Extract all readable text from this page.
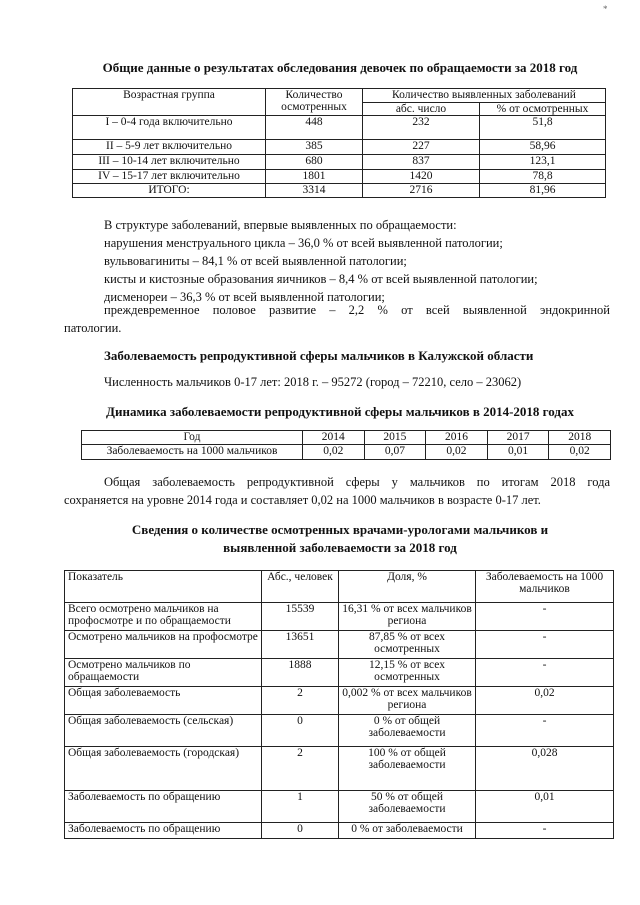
*
Общие данные о результатах обследования девочек по обращаемости за 2018 год
Возрастная группа	Количество осмотренных	Количество выявленных заболеваний	
		абс. число	% от осмотренных
I – 0-4 года включительно	448	232	51,8
II – 5-9 лет включительно	385	227	58,96
III – 10-14 лет включительно	680	837	123,1
IV – 15-17 лет включительно	1801	1420	78,8
ИТОГО:	3314	2716	81,96
В структуре заболеваний, впервые выявленных по обращаемости:
нарушения менструального цикла – 36,0 % от всей выявленной патологии;
вульвовагиниты – 84,1 % от всей выявленной патологии;
кисты и кистозные образования яичников – 8,4 % от всей выявленной патологии;
дисменореи – 36,3 % от всей выявленной патологии;
преждевременное половое развитие – 2,2 % от всей выявленной эндокринной
патологии.
Заболеваемость репродуктивной сферы мальчиков в Калужской области
Численность мальчиков 0-17 лет: 2018 г. – 95272 (город – 72210, село – 23062)
Динамика заболеваемости репродуктивной сферы мальчиков в 2014-2018 годах
Год	2014	2015	2016	2017	2018
Заболеваемость на 1000 мальчиков	0,02	0,07	0,02	0,01	0,02
Общая заболеваемость репродуктивной сферы у мальчиков по итогам 2018 года
сохраняется на уровне 2014 года и составляет 0,02 на 1000 мальчиков в возрасте 0-17 лет.
Сведения о количестве осмотренных врачами-урологами мальчиков и
выявленной заболеваемости за 2018 год
Показатель	Абс., человек	Доля, %	Заболеваемость на 1000 мальчиков
Всего осмотрено мальчиков на профосмотре и по обращаемости	15539	16,31 % от всех мальчиков региона	-
Осмотрено мальчиков на профосмотре	13651	87,85 % от всех осмотренных	-
Осмотрено мальчиков по обращаемости	1888	12,15 % от всех осмотренных	-
Общая заболеваемость	2	0,002 % от всех мальчиков региона	0,02
Общая заболеваемость (сельская)	0	0 % от общей заболеваемости	-
Общая заболеваемость (городская)	2	100 % от общей заболеваемости	0,028
Заболеваемость по обращению	1	50 % от общей заболеваемости	0,01
Заболеваемость по обращению	0	0 % от заболеваемости	-
